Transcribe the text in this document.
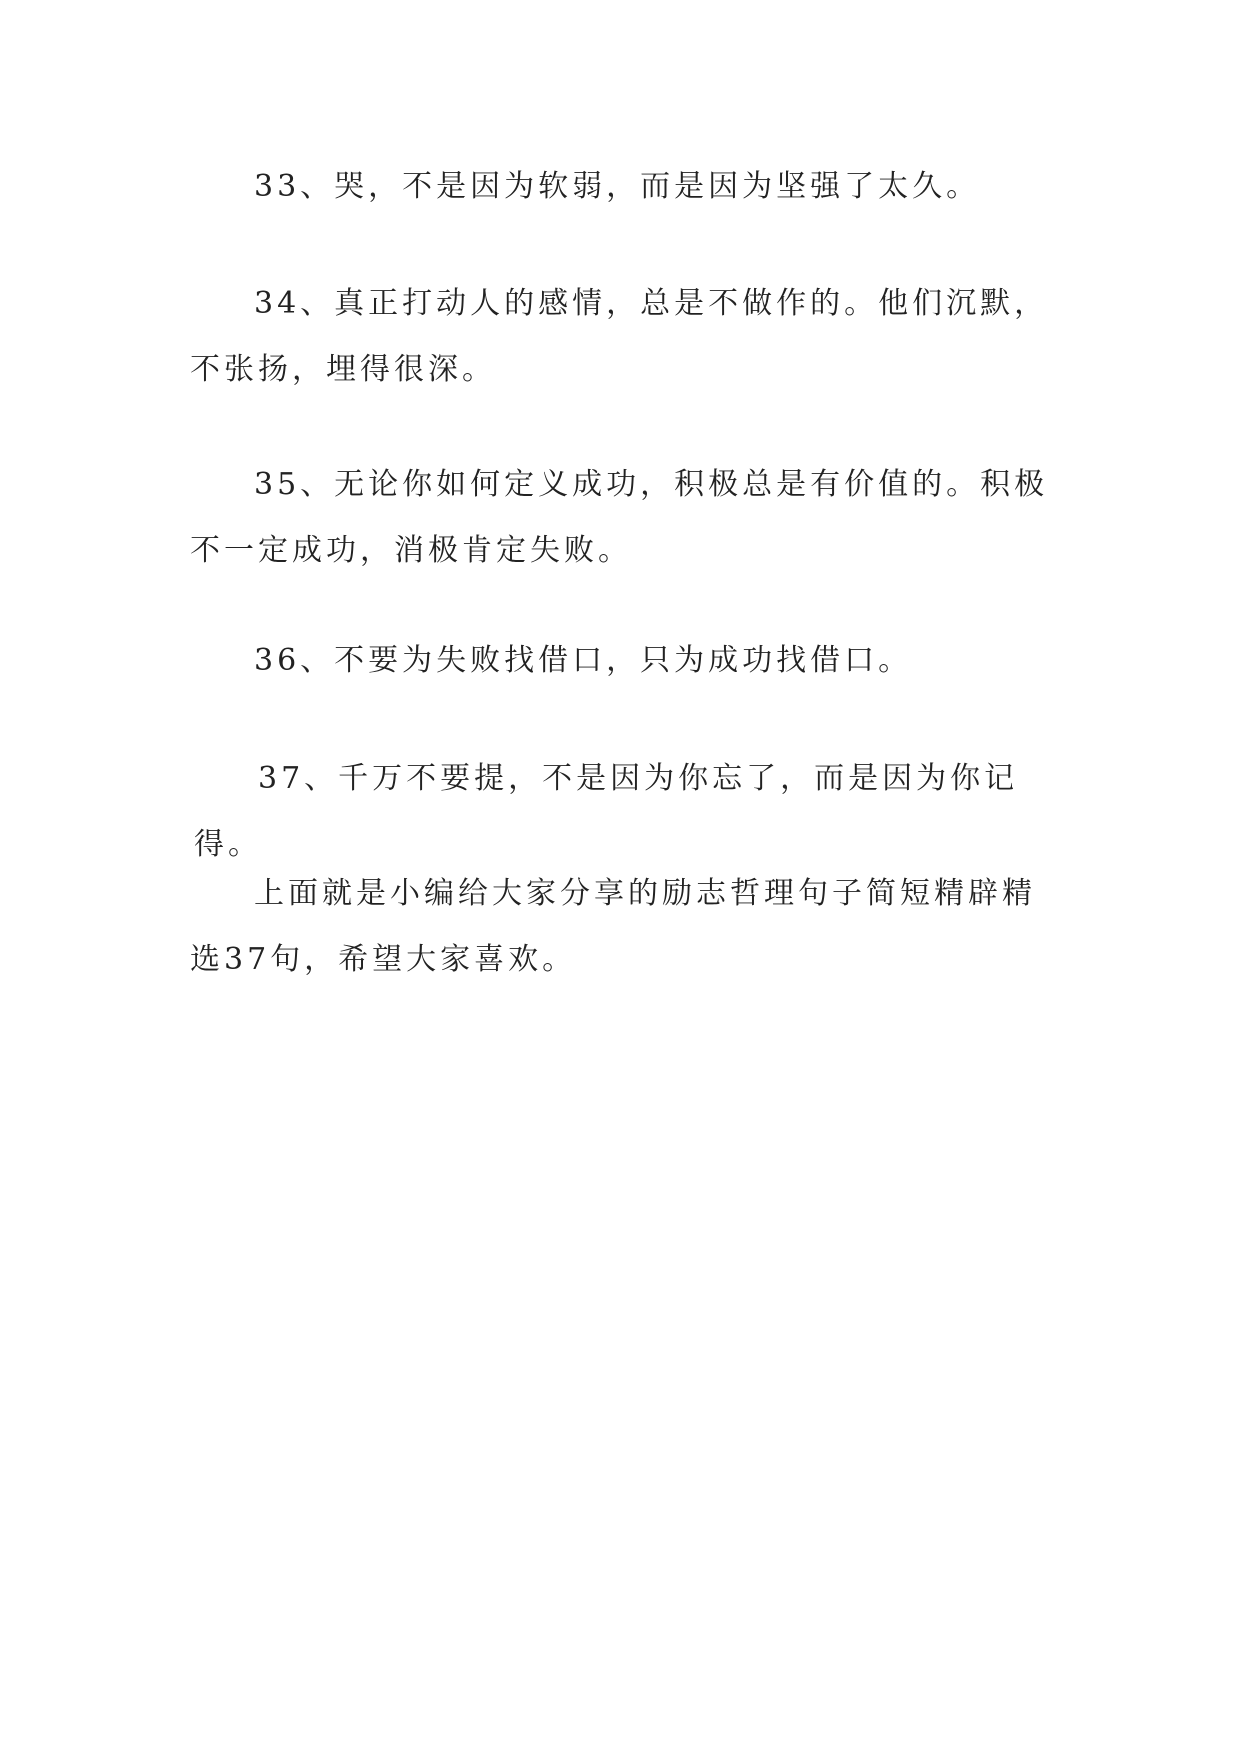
33、哭，不是因为软弱，而是因为坚强了太久。

34、真正打动人的感情，总是不做作的。他们沉默，不张扬，埋得很深。

35、无论你如何定义成功，积极总是有价值的。积极不一定成功，消极肯定失败。

36、不要为失败找借口，只为成功找借口。

37、千万不要提，不是因为你忘了，而是因为你记得。

上面就是小编给大家分享的励志哲理句子简短精辟精选37句，希望大家喜欢。
